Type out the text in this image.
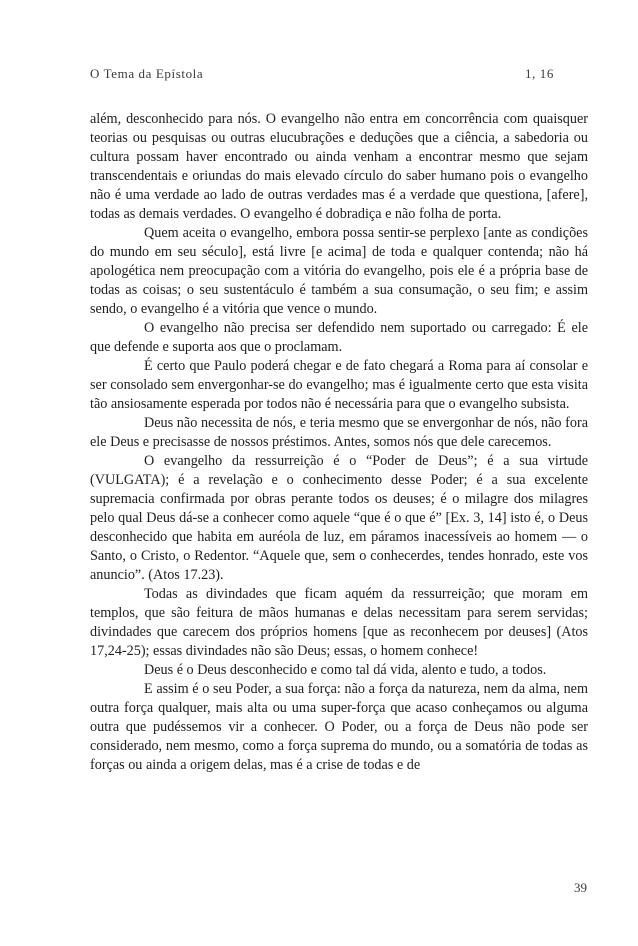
O Tema da Epístola	1, 16

além, desconhecido para nós. O evangelho não entra em concorrência com quaisquer teorias ou pesquisas ou outras elucubrações e deduções que a ciência, a sabedoria ou cultura possam haver encontrado ou ainda venham a encontrar mesmo que sejam transcendentais e oriundas do mais elevado círculo do saber humano pois o evangelho não é uma verdade ao lado de outras verdades mas é a verdade que questiona, [afere], todas as demais verdades. O evangelho é dobradiça e não folha de porta.

Quem aceita o evangelho, embora possa sentir-se perplexo [ante as condições do mundo em seu século], está livre [e acima] de toda e qualquer contenda; não há apologética nem preocupação com a vitória do evangelho, pois ele é a própria base de todas as coisas; o seu sustentáculo é também a sua consumação, o seu fim; e assim sendo, o evangelho é a vitória que vence o mundo.

O evangelho não precisa ser defendido nem suportado ou carregado: É ele que defende e suporta aos que o proclamam.

É certo que Paulo poderá chegar e de fato chegará a Roma para aí consolar e ser consolado sem envergonhar-se do evangelho; mas é igualmente certo que esta visita tão ansiosamente esperada por todos não é necessária para que o evangelho subsista.

Deus não necessita de nós, e teria mesmo que se envergonhar de nós, não fora ele Deus e precisasse de nossos préstimos. Antes, somos nós que dele carecemos.

O evangelho da ressurreição é o “Poder de Deus”; é a sua virtude (VULGATA); é a revelação e o conhecimento desse Poder; é a sua excelente supremacia confirmada por obras perante todos os deuses; é o milagre dos milagres pelo qual Deus dá-se a conhecer como aquele “que é o que é” [Ex. 3, 14] isto é, o Deus desconhecido que habita em auréola de luz, em páramos inacessíveis ao homem — o Santo, o Cristo, o Redentor. “Aquele que, sem o conhecerdes, tendes honrado, este vos anuncio”. (Atos 17.23).

Todas as divindades que ficam aquém da ressurreição; que moram em templos, que são feitura de mãos humanas e delas necessitam para serem servidas; divindades que carecem dos próprios homens [que as reconhecem por deuses] (Atos 17,24-25); essas divindades não são Deus; essas, o homem conhece!

Deus é o Deus desconhecido e como tal dá vida, alento e tudo, a todos.

E assim é o seu Poder, a sua força: não a força da natureza, nem da alma, nem outra força qualquer, mais alta ou uma super-força que acaso conheçamos ou alguma outra que pudéssemos vir a conhecer. O Poder, ou a força de Deus não pode ser considerado, nem mesmo, como a força suprema do mundo, ou a somatória de todas as forças ou ainda a origem delas, mas é a crise de todas e de

39
